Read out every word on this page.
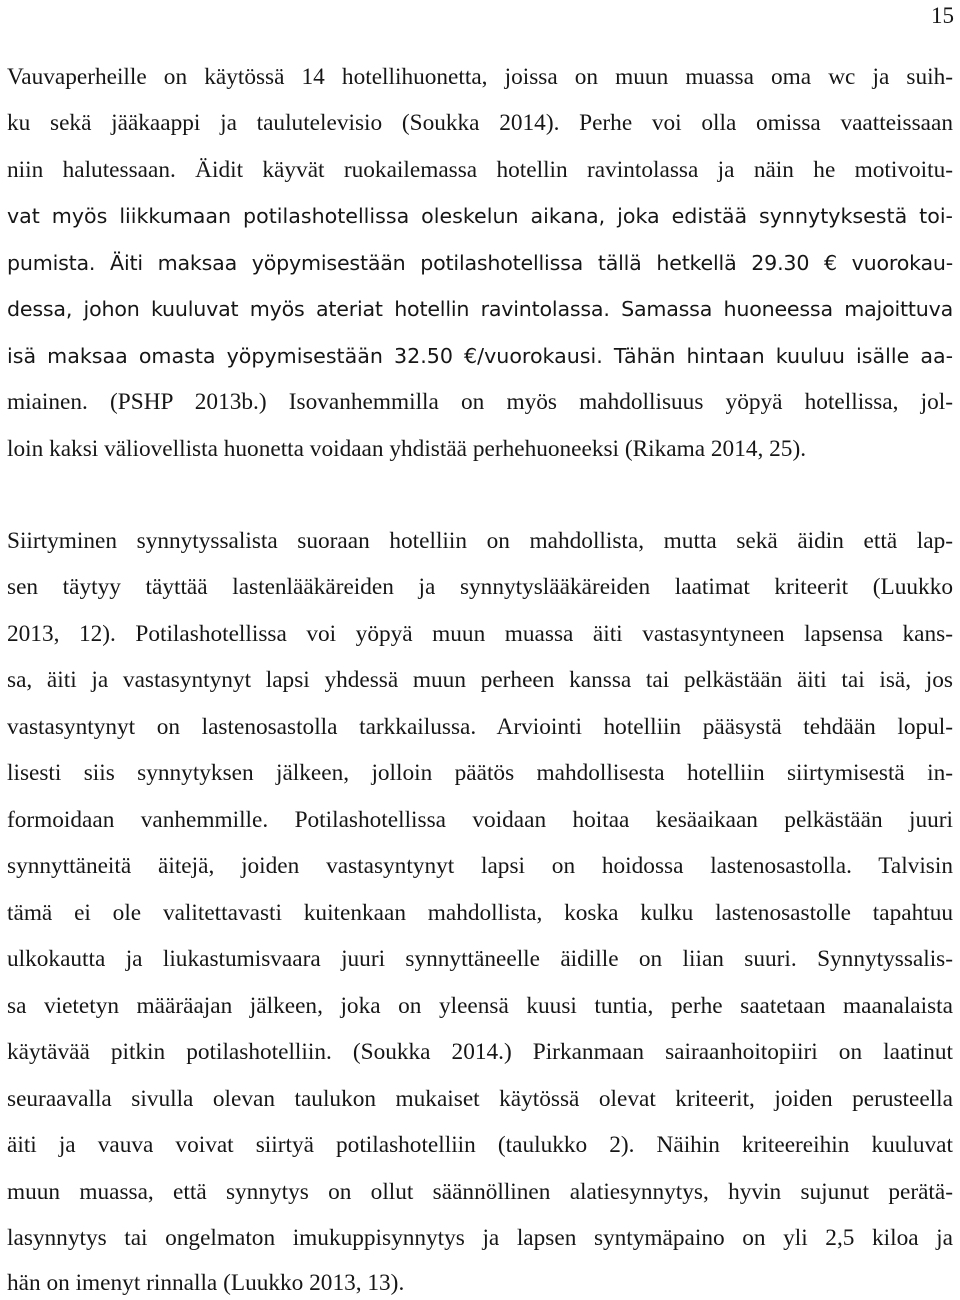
15
Vauvaperheille on käytössä 14 hotellihuonetta, joissa on muun muassa oma wc ja suih-
ku sekä jääkaappi ja taulutelevisio (Soukka 2014). Perhe voi olla omissa vaatteissaan
niin halutessaan. Äidit käyvät ruokailemassa hotellin ravintolassa ja näin he motivoitu-
vat myös liikkumaan potilashotellissa oleskelun aikana, joka edistää synnytyksestä toi-
pumista. Äiti maksaa yöpymisestään potilashotellissa tällä hetkellä 29.30 € vuorokau-
dessa, johon kuuluvat myös ateriat hotellin ravintolassa. Samassa huoneessa majoittuva
isä maksaa omasta yöpymisestään 32.50 €/vuorokausi. Tähän hintaan kuuluu isälle aa-
miainen. (PSHP 2013b.) Isovanhemmilla on myös mahdollisuus yöpyä hotellissa, jol-
loin kaksi väliovellista huonetta voidaan yhdistää perhehuoneeksi (Rikama 2014, 25).
Siirtyminen synnytyssalista suoraan hotelliin on mahdollista, mutta sekä äidin että lap-
sen täytyy täyttää lastenlääkäreiden ja synnytyslääkäreiden laatimat kriteerit (Luukko
2013, 12). Potilashotellissa voi yöpyä muun muassa äiti vastasyntyneen lapsensa kans-
sa, äiti ja vastasyntynyt lapsi yhdessä muun perheen kanssa tai pelkästään äiti tai isä, jos
vastasyntynyt on lastenosastolla tarkkailussa. Arviointi hotelliin pääsystä tehdään lopul-
lisesti siis synnytyksen jälkeen, jolloin päätös mahdollisesta hotelliin siirtymisestä in-
formoidaan vanhemmille. Potilashotellissa voidaan hoitaa kesäaikaan pelkästään juuri
synnyttäneitä äitejä, joiden vastasyntynyt lapsi on hoidossa lastenosastolla. Talvisin
tämä ei ole valitettavasti kuitenkaan mahdollista, koska kulku lastenosastolle tapahtuu
ulkokautta ja liukastumisvaara juuri synnyttäneelle äidille on liian suuri. Synnytyssalis-
sa vietetyn määräajan jälkeen, joka on yleensä kuusi tuntia, perhe saatetaan maanalaista
käytävää pitkin potilashotelliin. (Soukka 2014.) Pirkanmaan sairaanhoitopiiri on laatinut
seuraavalla sivulla olevan taulukon mukaiset käytössä olevat kriteerit, joiden perusteella
äiti ja vauva voivat siirtyä potilashotelliin (taulukko 2). Näihin kriteereihin kuuluvat
muun muassa, että synnytys on ollut säännöllinen alatiesynnytys, hyvin sujunut perätä-
lasynnytys tai ongelmaton imukuppisynnytys ja lapsen syntymäpaino on yli 2,5 kiloa ja
hän on imenyt rinnalla (Luukko 2013, 13).
